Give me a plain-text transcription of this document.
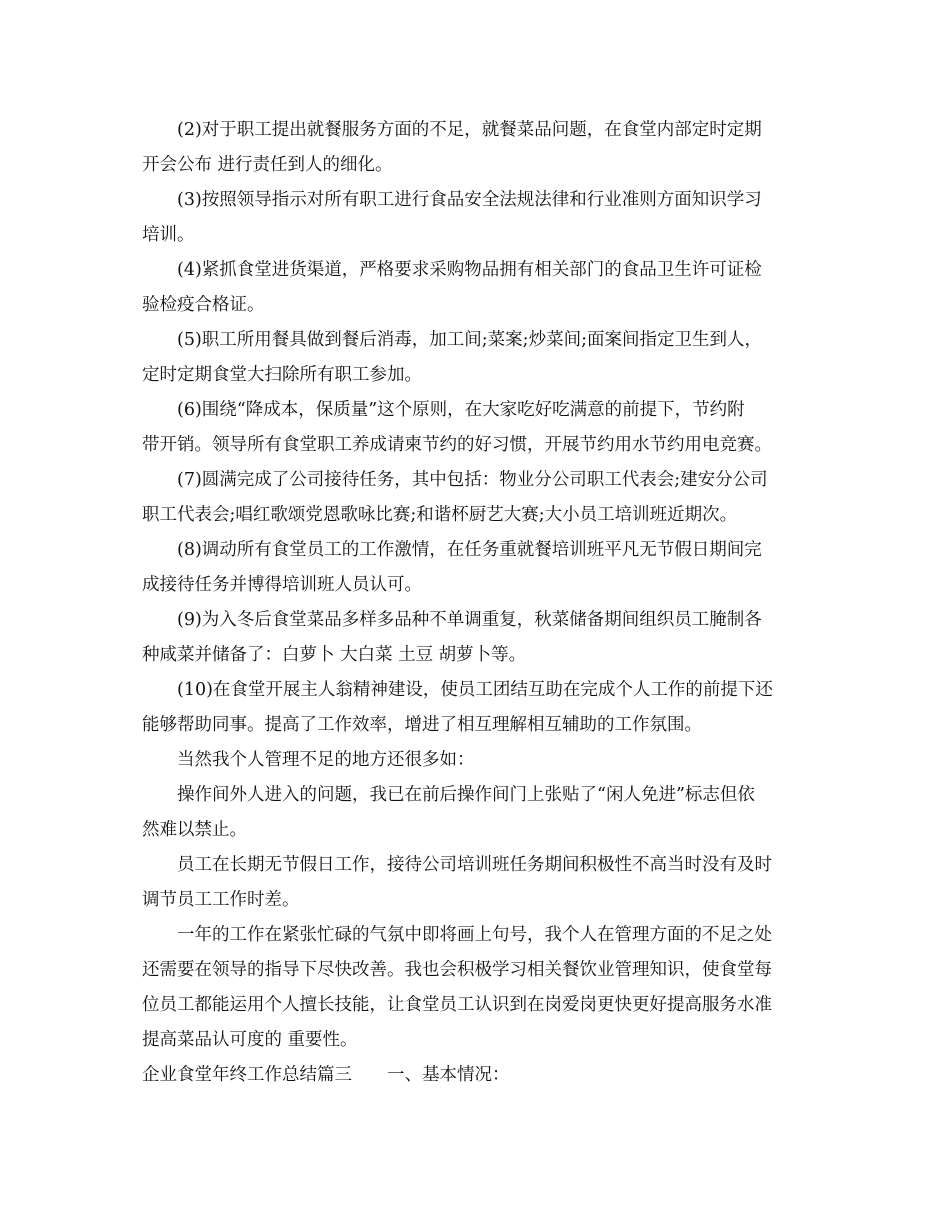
(2)对于职工提出就餐服务方面的不足，就餐菜品问题，在食堂内部定时定期
开会公布 进行责任到人的细化。
(3)按照领导指示对所有职工进行食品安全法规法律和行业准则方面知识学习
培训。
(4)紧抓食堂进货渠道，严格要求采购物品拥有相关部门的食品卫生许可证检
验检疫合格证。
(5)职工所用餐具做到餐后消毒，加工间;菜案;炒菜间;面案间指定卫生到人，
定时定期食堂大扫除所有职工参加。
(6)围绕“降成本，保质量”这个原则，在大家吃好吃满意的前提下，节约附
带开销。领导所有食堂职工养成请柬节约的好习惯，开展节约用水节约用电竞赛。
(7)圆满完成了公司接待任务，其中包括：物业分公司职工代表会;建安分公司
职工代表会;唱红歌颂党恩歌咏比赛;和谐杯厨艺大赛;大小员工培训班近期次。
(8)调动所有食堂员工的工作激情，在任务重就餐培训班平凡无节假日期间完
成接待任务并博得培训班人员认可。
(9)为入冬后食堂菜品多样多品种不单调重复，秋菜储备期间组织员工腌制各
种咸菜并储备了：白萝卜 大白菜 土豆 胡萝卜等。
(10)在食堂开展主人翁精神建设，使员工团结互助在完成个人工作的前提下还
能够帮助同事。提高了工作效率，增进了相互理解相互辅助的工作氛围。
当然我个人管理不足的地方还很多如：
操作间外人进入的问题，我已在前后操作间门上张贴了“闲人免进”标志但依
然难以禁止。
员工在长期无节假日工作，接待公司培训班任务期间积极性不高当时没有及时
调节员工工作时差。
一年的工作在紧张忙碌的气氛中即将画上句号，我个人在管理方面的不足之处
还需要在领导的指导下尽快改善。我也会积极学习相关餐饮业管理知识，使食堂每
位员工都能运用个人擅长技能，让食堂员工认识到在岗爱岗更快更好提高服务水准
提高菜品认可度的 重要性。
企业食堂年终工作总结篇三　　一、基本情况：
